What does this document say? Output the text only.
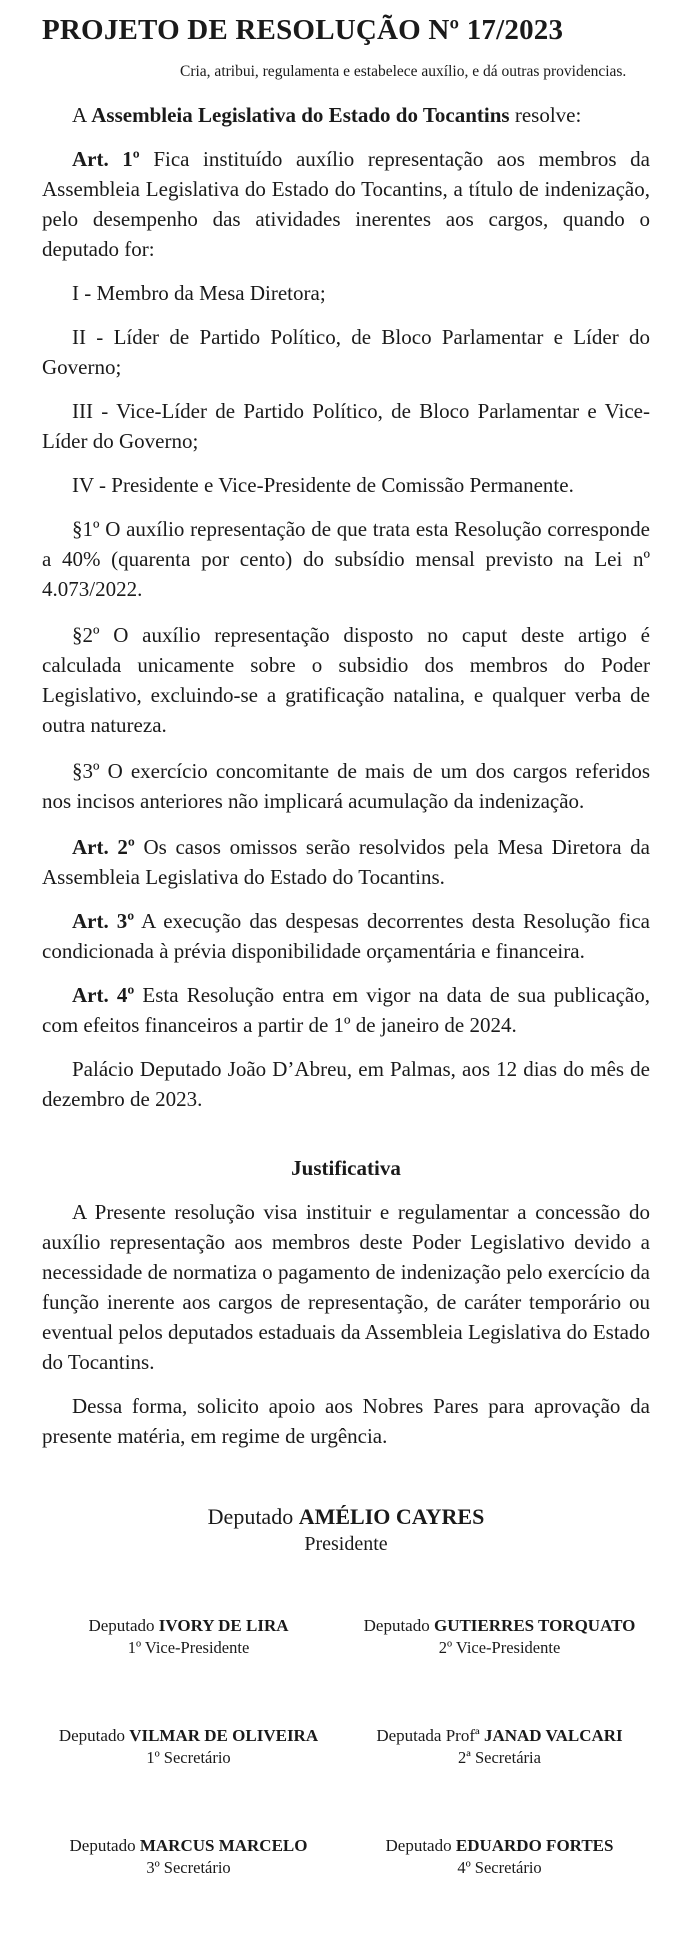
PROJETO DE RESOLUÇÃO Nº 17/2023
Cria, atribui, regulamenta e estabelece auxílio, e dá outras providencias.

A Assembleia Legislativa do Estado do Tocantins resolve:

Art. 1º Fica instituído auxílio representação aos membros da Assembleia Legislativa do Estado do Tocantins, a título de indenização, pelo desempenho das atividades inerentes aos cargos, quando o deputado for:

I - Membro da Mesa Diretora;

II - Líder de Partido Político, de Bloco Parlamentar e Líder do Governo;

III - Vice-Líder de Partido Político, de Bloco Parlamentar e Vice-Líder do Governo;

IV - Presidente e Vice-Presidente de Comissão Permanente.

§1º O auxílio representação de que trata esta Resolução corresponde a 40% (quarenta por cento) do subsídio mensal previsto na Lei nº 4.073/2022.

§2º O auxílio representação disposto no caput deste artigo é calculada unicamente sobre o subsidio dos membros do Poder Legislativo, excluindo-se a gratificação natalina, e qualquer verba de outra natureza.

§3º O exercício concomitante de mais de um dos cargos referidos nos incisos anteriores não implicará acumulação da indenização.

Art. 2º Os casos omissos serão resolvidos pela Mesa Diretora da Assembleia Legislativa do Estado do Tocantins.

Art. 3º A execução das despesas decorrentes desta Resolução fica condicionada à prévia disponibilidade orçamentária e financeira.

Art. 4º Esta Resolução entra em vigor na data de sua publicação, com efeitos financeiros a partir de 1º de janeiro de 2024.

Palácio Deputado João D’Abreu, em Palmas, aos 12 dias do mês de dezembro de 2023.

Justificativa

A Presente resolução visa instituir e regulamentar a concessão do auxílio representação aos membros deste Poder Legislativo devido a necessidade de normatiza o pagamento de indenização pelo exercício da função inerente aos cargos de representação, de caráter temporário ou eventual pelos deputados estaduais da Assembleia Legislativa do Estado do Tocantins.

Dessa forma, solicito apoio aos Nobres Pares para aprovação da presente matéria, em regime de urgência.

Deputado AMÉLIO CAYRES
Presidente
Deputado IVORY DE LIRA
1º Vice-Presidente
Deputado GUTIERRES TORQUATO
2º Vice-Presidente
Deputado VILMAR DE OLIVEIRA
1º Secretário
Deputada Profª JANAD VALCARI
2ª Secretária
Deputado MARCUS MARCELO
3º Secretário
Deputado EDUARDO FORTES
4º Secretário
